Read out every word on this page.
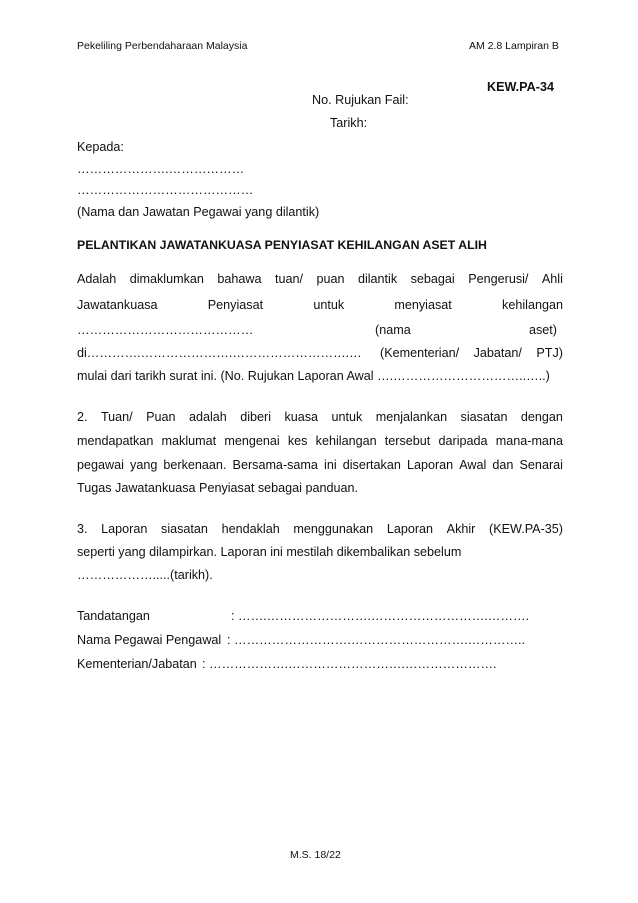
Pekeliling Perbendaharaan Malaysia	AM 2.8 Lampiran B
KEW.PA-34
No. Rujukan Fail:
Tarikh:
Kepada:
………………….………………
……………………………………
(Nama dan Jawatan Pegawai yang dilantik)
PELANTIKAN JAWATANKUASA PENYIASAT KEHILANGAN ASET ALIH
Adalah dimaklumkan bahawa tuan/ puan dilantik sebagai Pengerusi/ Ahli
Jawatankuasa	Penyiasat	untuk	menyiasat	kehilangan
……………………………………	(nama	aset)
di………….………………….……………………….… (Kementerian/ Jabatan/ PTJ)
mulai dari tarikh surat ini. (No. Rujukan Laporan Awal ….…………………………..…..)
2. Tuan/ Puan adalah diberi kuasa untuk menjalankan siasatan dengan
mendapatkan maklumat mengenai kes kehilangan tersebut daripada mana-mana
pegawai yang berkenaan. Bersama-sama ini disertakan Laporan Awal dan Senarai
Tugas Jawatankuasa Penyiasat sebagai panduan.
3. Laporan siasatan hendaklah menggunakan Laporan Akhir (KEW.PA-35)
seperti yang dilampirkan. Laporan ini mestilah dikembalikan sebelum
……………….....(tarikh).
Tandatangan	: …….…………………….……………………….……….
Nama Pegawai Pengawal : ……………………….……………………….…………..
Kementerian/Jabatan : ……………….……………………….………………….
M.S. 18/22
